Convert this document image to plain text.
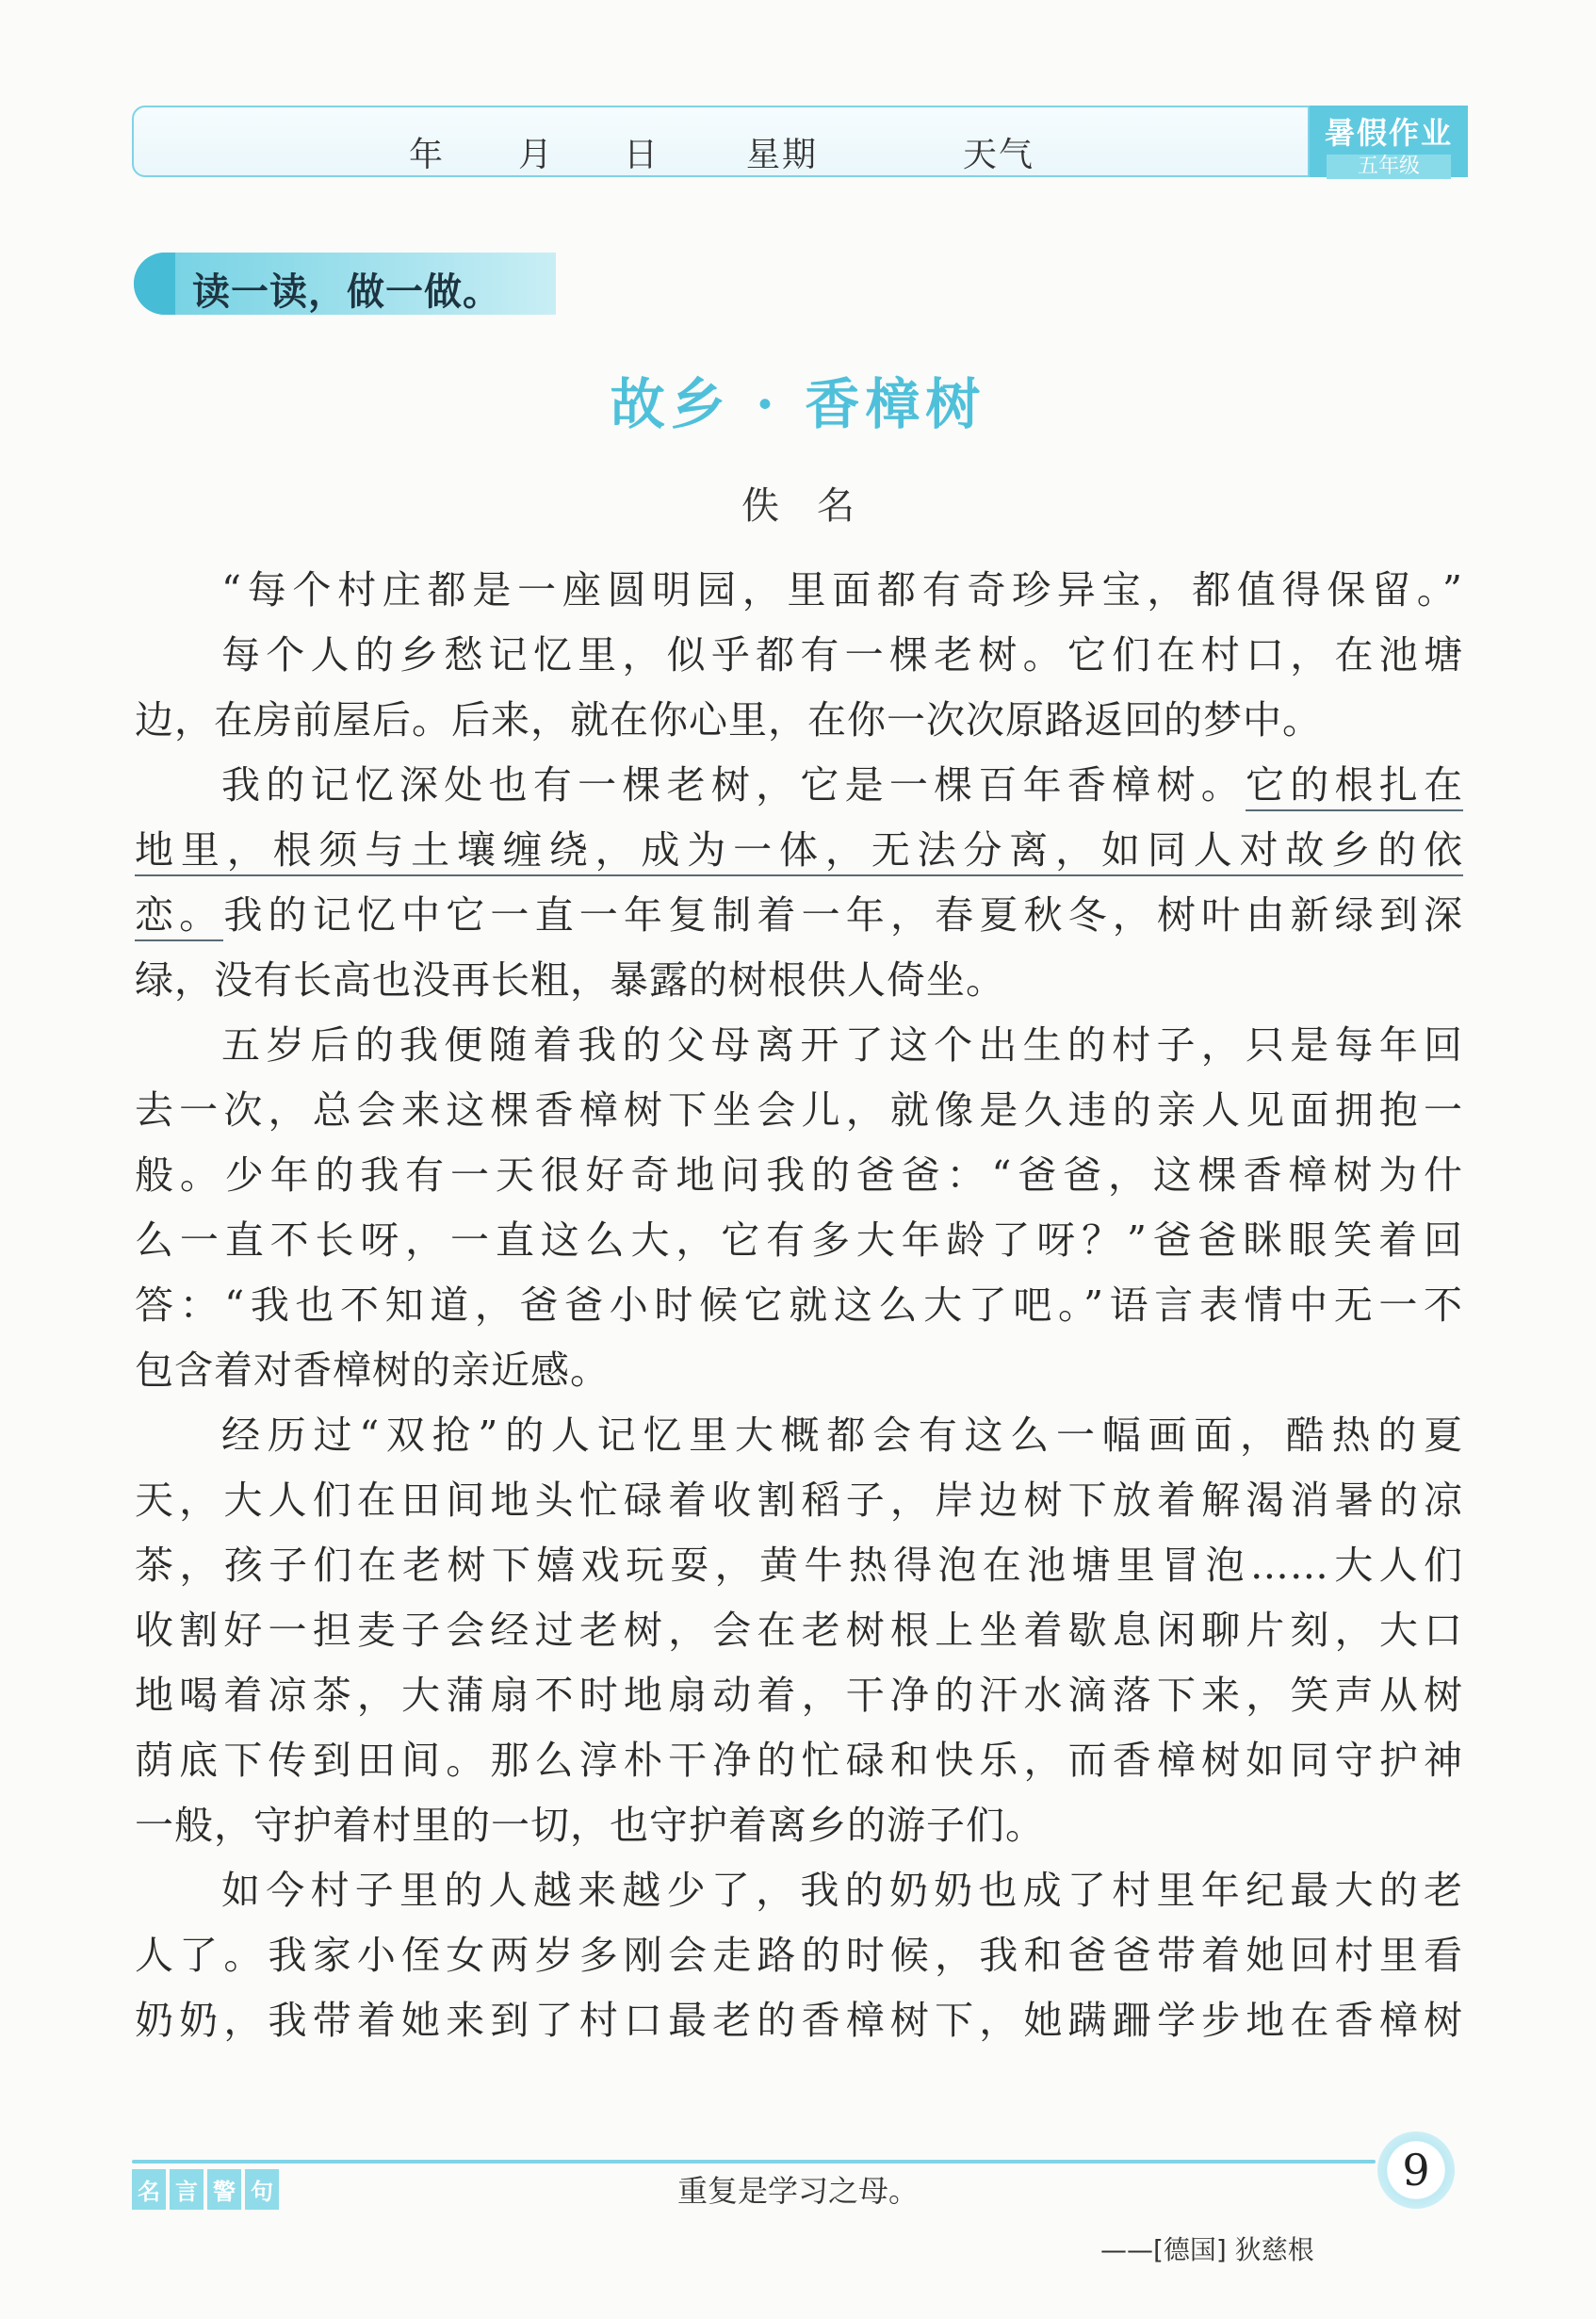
年 月 日	星期	天气
暑假作业
五年级
读一读，做一做。
故乡 · 香樟树
佚名
“每个村庄都是一座圆明园，里面都有奇珍异宝，都值得保留。”
每个人的乡愁记忆里，似乎都有一棵老树。它们在村口，在池塘
边，在房前屋后。后来，就在你心里，在你一次次原路返回的梦中。
我的记忆深处也有一棵老树，它是一棵百年香樟树。它的根扎在
地里，根须与土壤缠绕，成为一体，无法分离，如同人对故乡的依
恋。我的记忆中它一直一年复制着一年，春夏秋冬，树叶由新绿到深
绿，没有长高也没再长粗，暴露的树根供人倚坐。
五岁后的我便随着我的父母离开了这个出生的村子，只是每年回
去一次，总会来这棵香樟树下坐会儿，就像是久违的亲人见面拥抱一
般。少年的我有一天很好奇地问我的爸爸：“爸爸，这棵香樟树为什
么一直不长呀，一直这么大，它有多大年龄了呀？”爸爸眯眼笑着回
答：“我也不知道，爸爸小时候它就这么大了吧。”语言表情中无一不
包含着对香樟树的亲近感。
经历过“双抢”的人记忆里大概都会有这么一幅画面，酷热的夏
天，大人们在田间地头忙碌着收割稻子，岸边树下放着解渴消暑的凉
茶，孩子们在老树下嬉戏玩耍，黄牛热得泡在池塘里冒泡……大人们
收割好一担麦子会经过老树，会在老树根上坐着歇息闲聊片刻，大口
地喝着凉茶，大蒲扇不时地扇动着，干净的汗水滴落下来，笑声从树
荫底下传到田间。那么淳朴干净的忙碌和快乐，而香樟树如同守护神
一般，守护着村里的一切，也守护着离乡的游子们。
如今村子里的人越来越少了，我的奶奶也成了村里年纪最大的老
人了。我家小侄女两岁多刚会走路的时候，我和爸爸带着她回村里看
奶奶，我带着她来到了村口最老的香樟树下，她蹒跚学步地在香樟树
名 言 警 句	重复是学习之母。
——[德国] 狄慈根
9
